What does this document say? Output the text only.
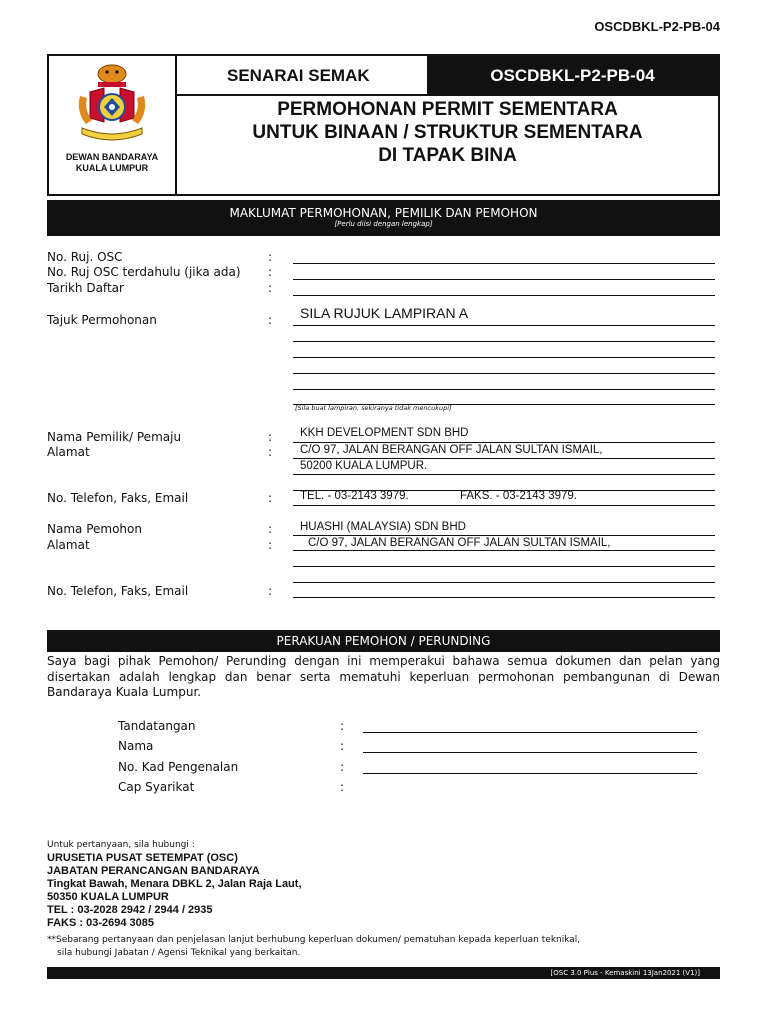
OSCDBKL-P2-PB-04
DEWAN BANDARAYA
KUALA LUMPUR
SENARAI SEMAK	OSCDBKL-P2-PB-04
PERMOHONAN PERMIT SEMENTARA
UNTUK BINAAN / STRUKTUR SEMENTARA
DI TAPAK BINA
MAKLUMAT PERMOHONAN, PEMILIK DAN PEMOHON
[Perlu diisi dengan lengkap]
No. Ruj. OSC
No. Ruj OSC terdahulu (jika ada)
Tarikh Daftar
Tajuk Permohonan
Nama Pemilik/ Pemaju
Alamat
No. Telefon, Faks, Email
Nama Pemohon
Alamat
No. Telefon, Faks, Email
:
:
:
:
:
:
:
:
:
:
SILA RUJUK LAMPIRAN A
[Sila buat lampiran, sekiranya tidak mencukupi]
KKH DEVELOPMENT SDN BHD
C/O 97, JALAN BERANGAN OFF JALAN SULTAN ISMAIL,
50200 KUALA LUMPUR.
TEL. - 03-2143 3979.	FAKS. - 03-2143 3979.
HUASHI (MALAYSIA) SDN BHD
C/O 97, JALAN BERANGAN OFF JALAN SULTAN ISMAIL,
PERAKUAN PEMOHON / PERUNDING
Saya bagi pihak Pemohon/ Perunding dengan ini memperakui bahawa semua dokumen dan pelan yang disertakan adalah lengkap dan benar serta mematuhi keperluan permohonan pembangunan di Dewan Bandaraya Kuala Lumpur.
Tandatangan
Nama
No. Kad Pengenalan
Cap Syarikat
:
:
:
:
Untuk pertanyaan, sila hubungi :
URUSETIA PUSAT SETEMPAT (OSC)
JABATAN PERANCANGAN BANDARAYA
Tingkat Bawah, Menara DBKL 2, Jalan Raja Laut,
50350 KUALA LUMPUR
TEL : 03-2028 2942 / 2944 / 2935
FAKS : 03-2694 3085
**Sebarang pertanyaan dan penjelasan lanjut berhubung keperluan dokumen/ pematuhan kepada keperluan teknikal,
sila hubungi Jabatan / Agensi Teknikal yang berkaitan.
[OSC 3.0 Plus - Kemaskini 13Jan2021 (V1)]
